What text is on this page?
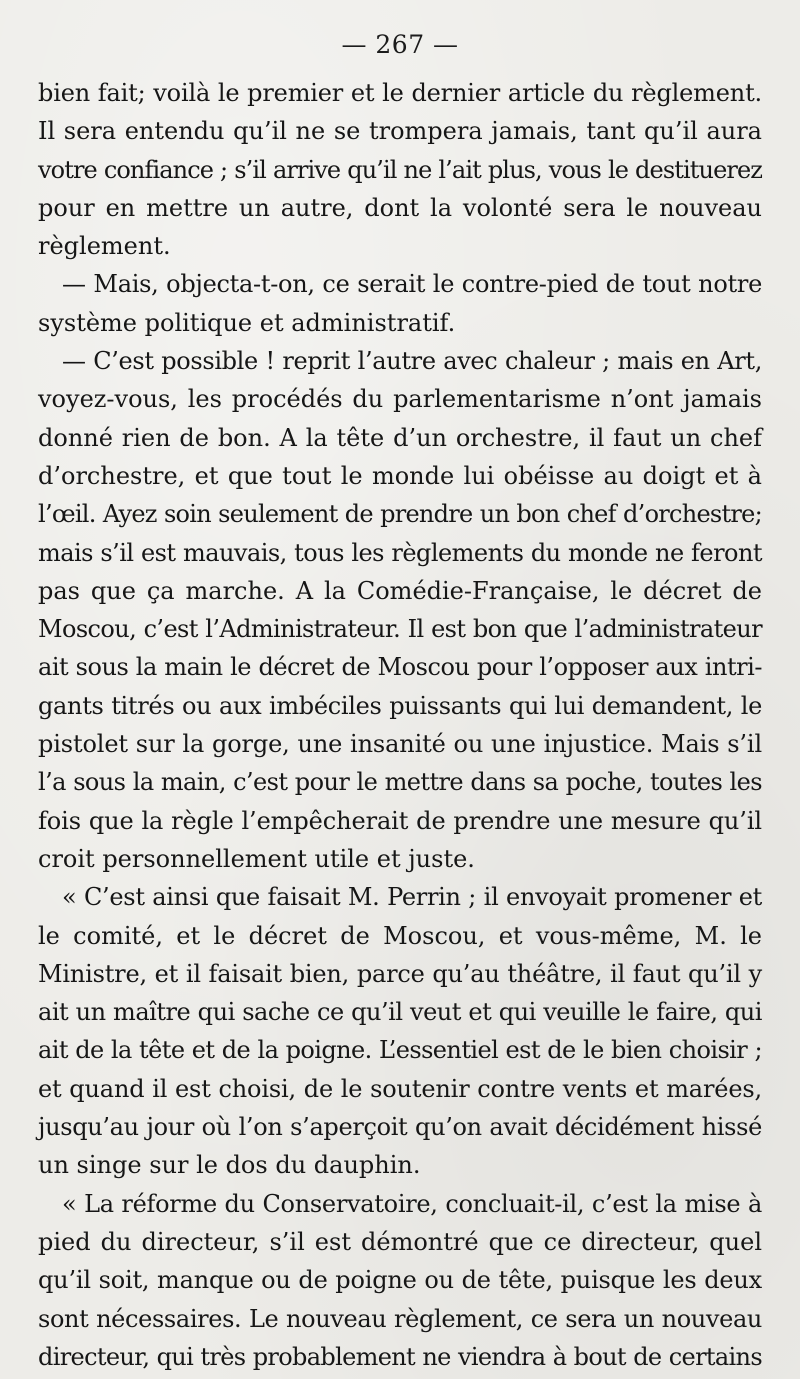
— 267 —
bien fait; voilà le premier et le dernier article du règlement.
Il sera entendu qu’il ne se trompera jamais, tant qu’il aura
votre confiance ; s’il arrive qu’il ne l’ait plus, vous le destituerez
pour en mettre un autre, dont la volonté sera le nouveau
règlement.
— Mais, objecta-t-on, ce serait le contre-pied de tout notre
système politique et administratif.
— C’est possible ! reprit l’autre avec chaleur ; mais en Art,
voyez-vous, les procédés du parlementarisme n’ont jamais
donné rien de bon. A la tête d’un orchestre, il faut un chef
d’orchestre, et que tout le monde lui obéisse au doigt et à
l’œil. Ayez soin seulement de prendre un bon chef d’orchestre;
mais s’il est mauvais, tous les règlements du monde ne feront
pas que ça marche. A la Comédie-Française, le décret de
Moscou, c’est l’Administrateur. Il est bon que l’administrateur
ait sous la main le décret de Moscou pour l’opposer aux intri-
gants titrés ou aux imbéciles puissants qui lui demandent, le
pistolet sur la gorge, une insanité ou une injustice. Mais s’il
l’a sous la main, c’est pour le mettre dans sa poche, toutes les
fois que la règle l’empêcherait de prendre une mesure qu’il
croit personnellement utile et juste.
« C’est ainsi que faisait M. Perrin ; il envoyait promener et
le comité, et le décret de Moscou, et vous-même, M. le
Ministre, et il faisait bien, parce qu’au théâtre, il faut qu’il y
ait un maître qui sache ce qu’il veut et qui veuille le faire, qui
ait de la tête et de la poigne. L’essentiel est de le bien choisir ;
et quand il est choisi, de le soutenir contre vents et marées,
jusqu’au jour où l’on s’aperçoit qu’on avait décidément hissé
un singe sur le dos du dauphin.
« La réforme du Conservatoire, concluait-il, c’est la mise à
pied du directeur, s’il est démontré que ce directeur, quel
qu’il soit, manque ou de poigne ou de tête, puisque les deux
sont nécessaires. Le nouveau règlement, ce sera un nouveau
directeur, qui très probablement ne viendra à bout de certains
